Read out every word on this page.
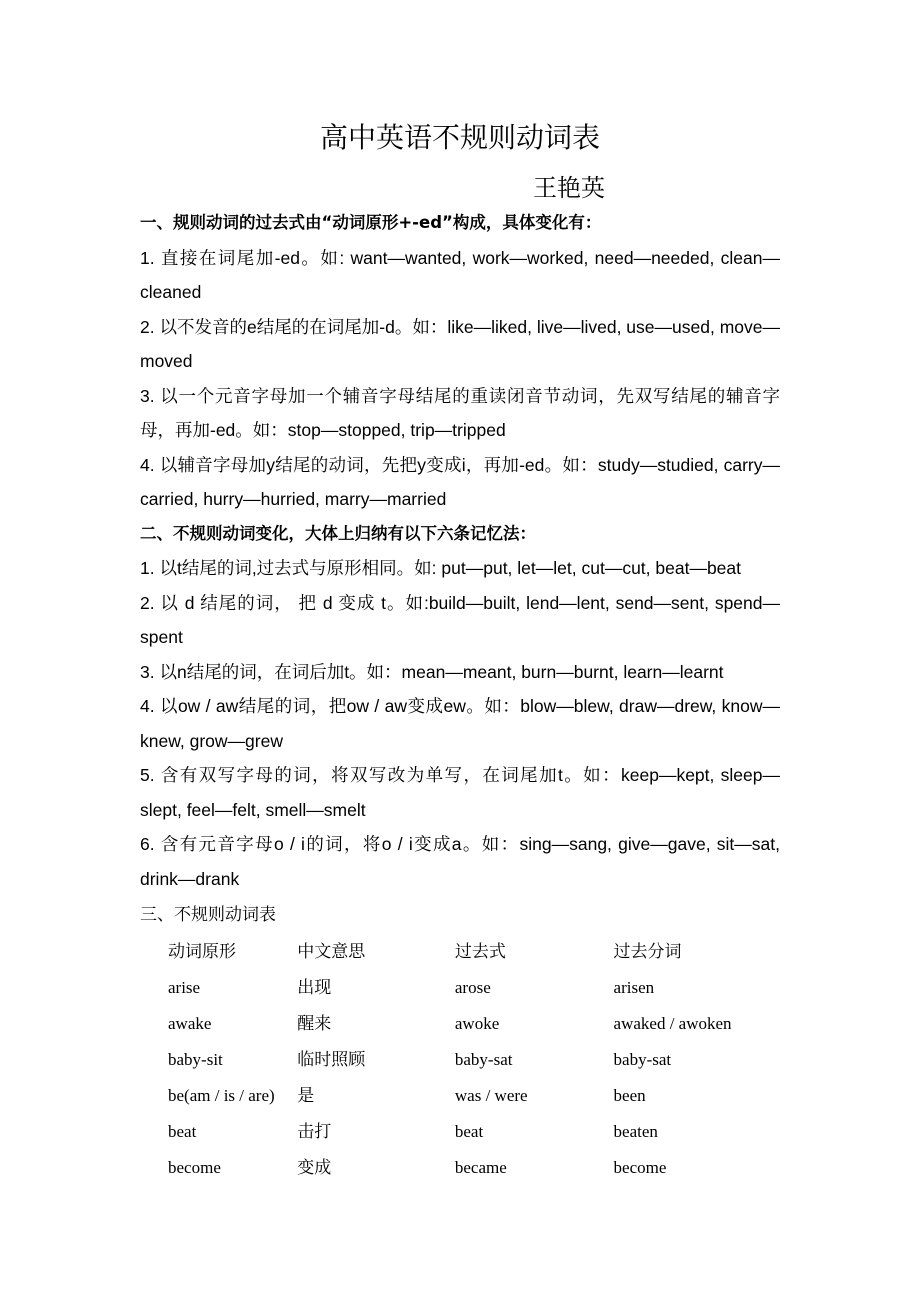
高中英语不规则动词表
王艳英
一、规则动词的过去式由“动词原形+-ed”构成，具体变化有：
1. 直接在词尾加-ed。如: want—wanted, work—worked, need—needed, clean—cleaned
2. 以不发音的e结尾的在词尾加-d。如：like—liked, live—lived, use—used, move—moved
3. 以一个元音字母加一个辅音字母结尾的重读闭音节动词，先双写结尾的辅音字母，再加-ed。如：stop—stopped, trip—tripped
4. 以辅音字母加y结尾的动词，先把y变成i，再加-ed。如：study—studied, carry—carried, hurry—hurried, marry—married
二、不规则动词变化，大体上归纳有以下六条记忆法：
1. 以t结尾的词,过去式与原形相同。如: put—put, let—let, cut—cut, beat—beat
2. 以 d 结尾的词， 把 d 变成 t。如:build—built, lend—lent, send—sent, spend—spent
3. 以n结尾的词，在词后加t。如：mean—meant, burn—burnt, learn—learnt
4. 以ow / aw结尾的词，把ow / aw变成ew。如：blow—blew, draw—drew, know—knew, grow—grew
5. 含有双写字母的词，将双写改为单写，在词尾加t。如：keep—kept, sleep—slept, feel—felt, smell—smelt
6. 含有元音字母o / i的词，将o / i变成a。如：sing—sang, give—gave, sit—sat, drink—drank
三、不规则动词表
动词原形	中文意思	过去式	过去分词
arise	出现	arose	arisen
awake	醒来	awoke	awaked / awoken
baby-sit	临时照顾	baby-sat	baby-sat
be(am / is / are)	是	was / were	been
beat	击打	beat	beaten
become	变成	became	become
